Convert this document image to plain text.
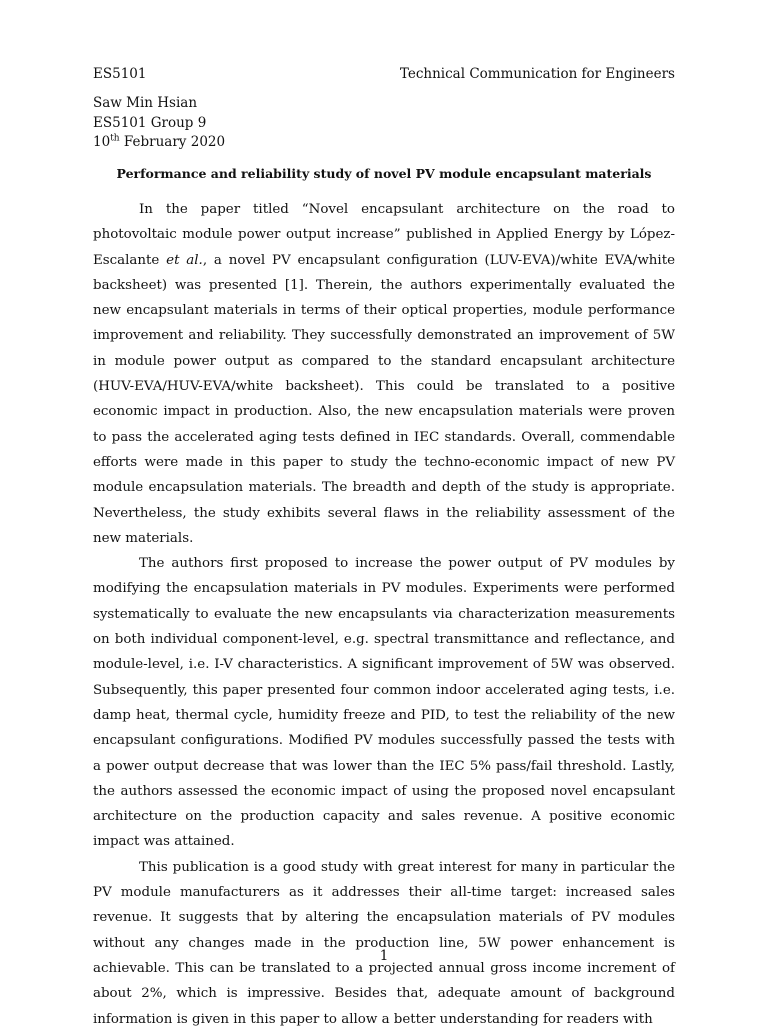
ES5101	Technical Communication for Engineers
Saw Min Hsian
ES5101 Group 9
10th February 2020
Performance and reliability study of novel PV module encapsulant materials

In the paper titled “Novel encapsulant architecture on the road to photovoltaic module power output increase” published in Applied Energy by López-Escalante et al., a novel PV encapsulant configuration (LUV-EVA)/white EVA/white backsheet) was presented [1]. Therein, the authors experimentally evaluated the new encapsulant materials in terms of their optical properties, module performance improvement and reliability. They successfully demonstrated an improvement of 5W in module power output as compared to the standard encapsulant architecture (HUV-EVA/HUV-EVA/white backsheet). This could be translated to a positive economic impact in production. Also, the new encapsulation materials were proven to pass the accelerated aging tests defined in IEC standards. Overall, commendable efforts were made in this paper to study the techno-economic impact of new PV module encapsulation materials. The breadth and depth of the study is appropriate. Nevertheless, the study exhibits several flaws in the reliability assessment of the new materials.

The authors first proposed to increase the power output of PV modules by modifying the encapsulation materials in PV modules. Experiments were performed systematically to evaluate the new encapsulants via characterization measurements on both individual component-level, e.g. spectral transmittance and reflectance, and module-level, i.e. I-V characteristics. A significant improvement of 5W was observed. Subsequently, this paper presented four common indoor accelerated aging tests, i.e. damp heat, thermal cycle, humidity freeze and PID, to test the reliability of the new encapsulant configurations. Modified PV modules successfully passed the tests with a power output decrease that was lower than the IEC 5% pass/fail threshold. Lastly, the authors assessed the economic impact of using the proposed novel encapsulant architecture on the production capacity and sales revenue. A positive economic impact was attained.

This publication is a good study with great interest for many in particular the PV module manufacturers as it addresses their all-time target: increased sales revenue. It suggests that by altering the encapsulation materials of PV modules without any changes made in the production line, 5W power enhancement is achievable. This can be translated to a projected annual gross income increment of about 2%, which is impressive. Besides that, adequate amount of background information is given in this paper to allow a better understanding for readers with

1
